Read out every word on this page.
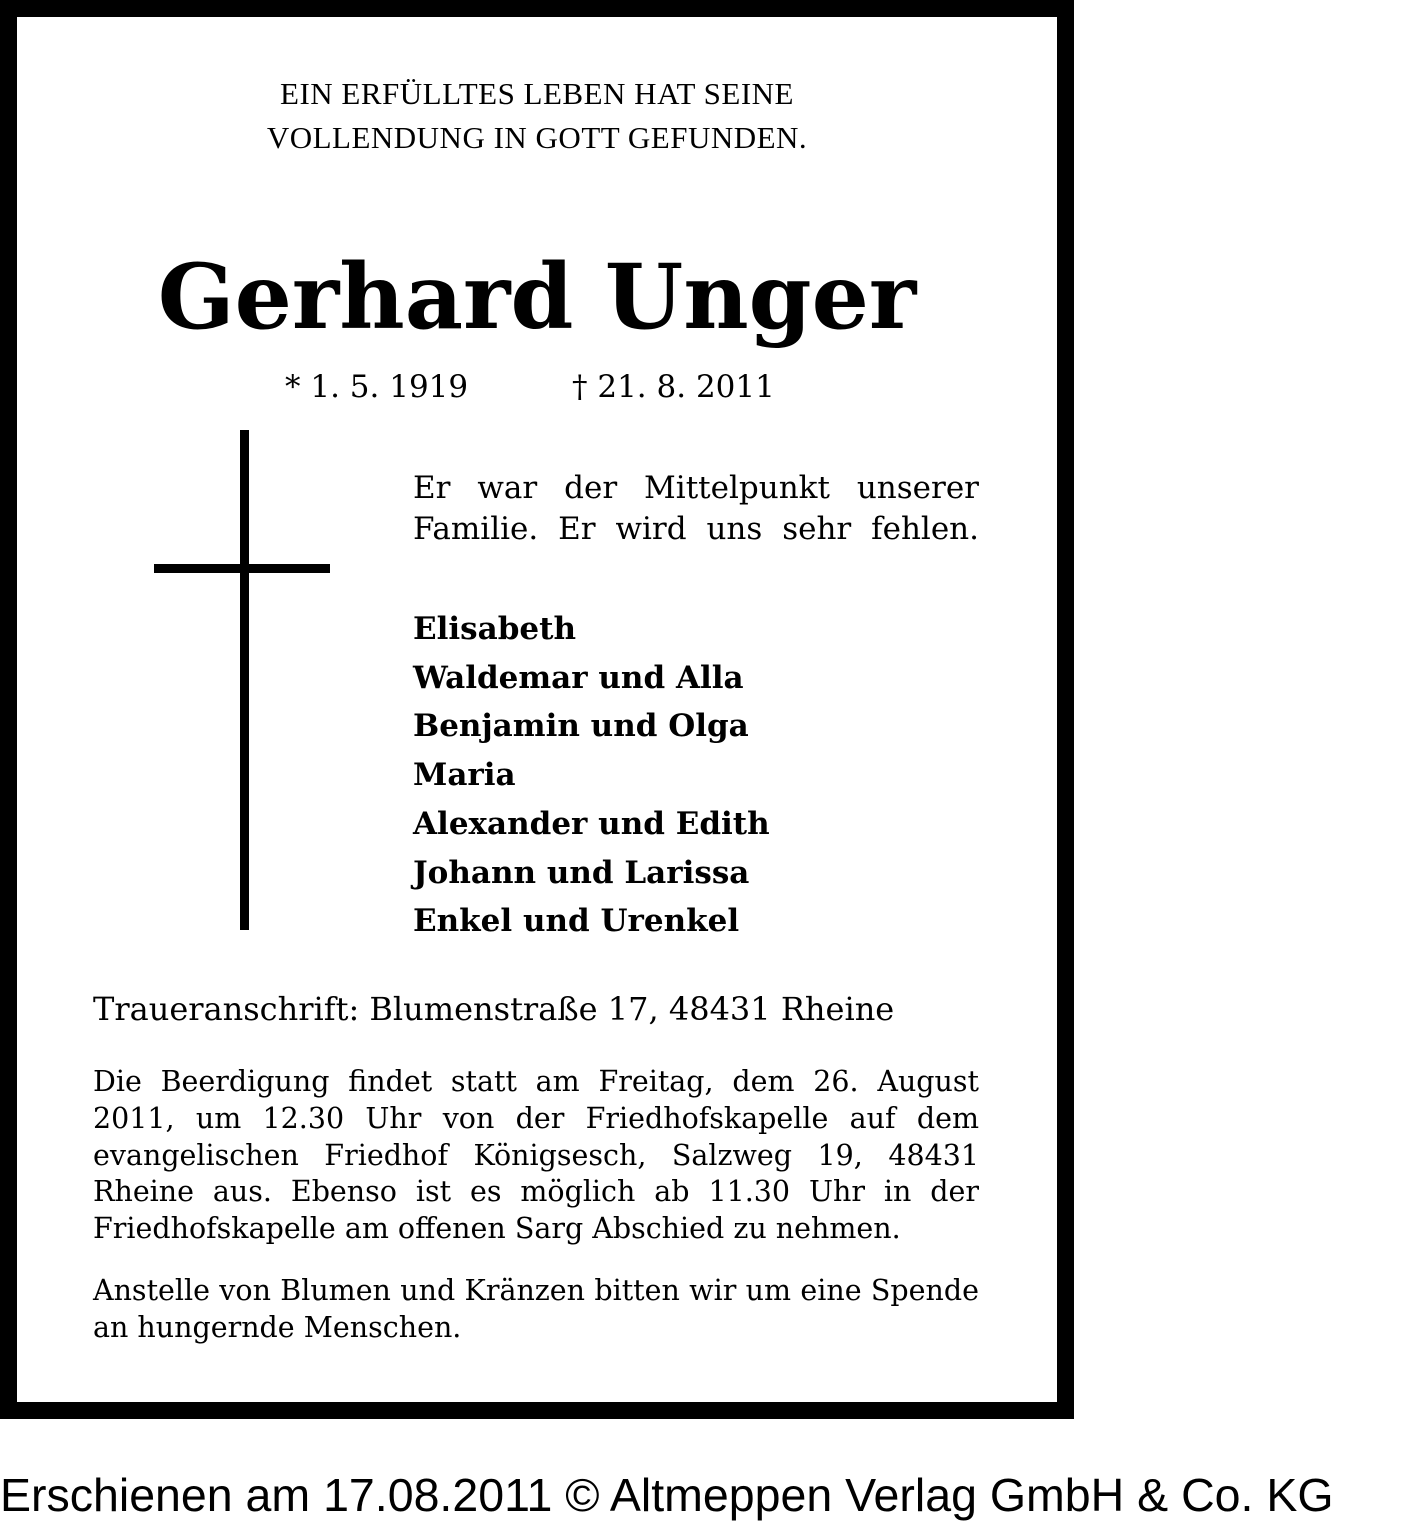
EIN ERFÜLLTES LEBEN HAT SEINE
VOLLENDUNG IN GOTT GEFUNDEN.
Gerhard Unger
* 1. 5. 1919	† 21. 8. 2011
Er war der Mittelpunkt unserer Familie. Er wird uns sehr fehlen.
Elisabeth
Waldemar und Alla
Benjamin und Olga
Maria
Alexander und Edith
Johann und Larissa
Enkel und Urenkel
Traueranschrift: Blumenstraße 17, 48431 Rheine
Die Beerdigung findet statt am Freitag, dem 26. August 2011, um 12.30 Uhr von der Friedhofskapelle auf dem evangelischen Friedhof Königsesch, Salzweg 19, 48431 Rheine aus. Ebenso ist es möglich ab 11.30 Uhr in der Friedhofskapelle am offenen Sarg Abschied zu nehmen.
Anstelle von Blumen und Kränzen bitten wir um eine Spende an hungernde Menschen.
Erschienen am 17.08.2011 © Altmeppen Verlag GmbH & Co. KG
